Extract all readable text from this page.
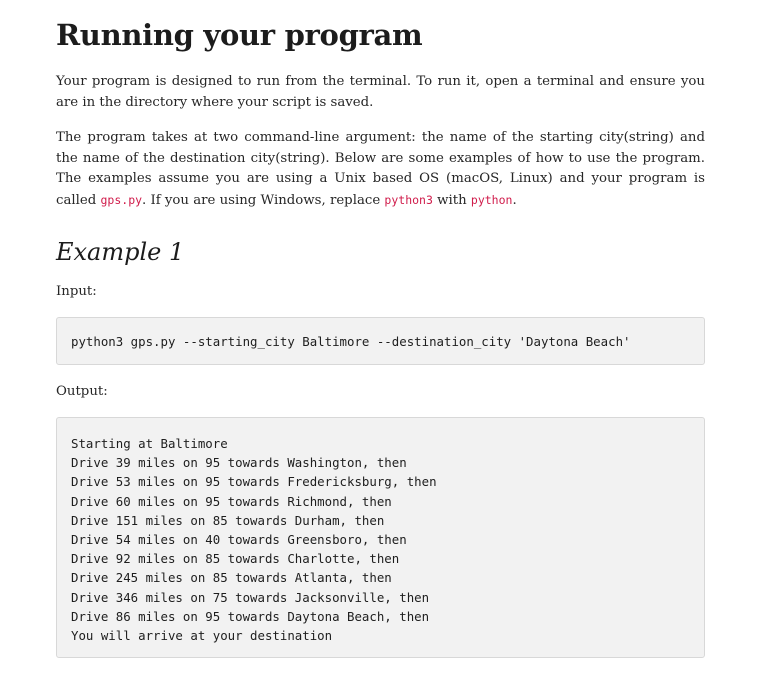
Running your program

Your program is designed to run from the terminal. To run it, open a terminal and ensure you are in the directory where your script is saved.

The program takes at two command-line argument: the name of the starting city(string) and the name of the destination city(string). Below are some examples of how to use the program. The examples assume you are using a Unix based OS (macOS, Linux) and your program is called gps.py. If you are using Windows, replace python3 with python.

Example 1

Input:

python3 gps.py --starting_city Baltimore --destination_city 'Daytona Beach'

Output:

Starting at Baltimore
Drive 39 miles on 95 towards Washington, then
Drive 53 miles on 95 towards Fredericksburg, then
Drive 60 miles on 95 towards Richmond, then
Drive 151 miles on 85 towards Durham, then
Drive 54 miles on 40 towards Greensboro, then
Drive 92 miles on 85 towards Charlotte, then
Drive 245 miles on 85 towards Atlanta, then
Drive 346 miles on 75 towards Jacksonville, then
Drive 86 miles on 95 towards Daytona Beach, then
You will arrive at your destination
